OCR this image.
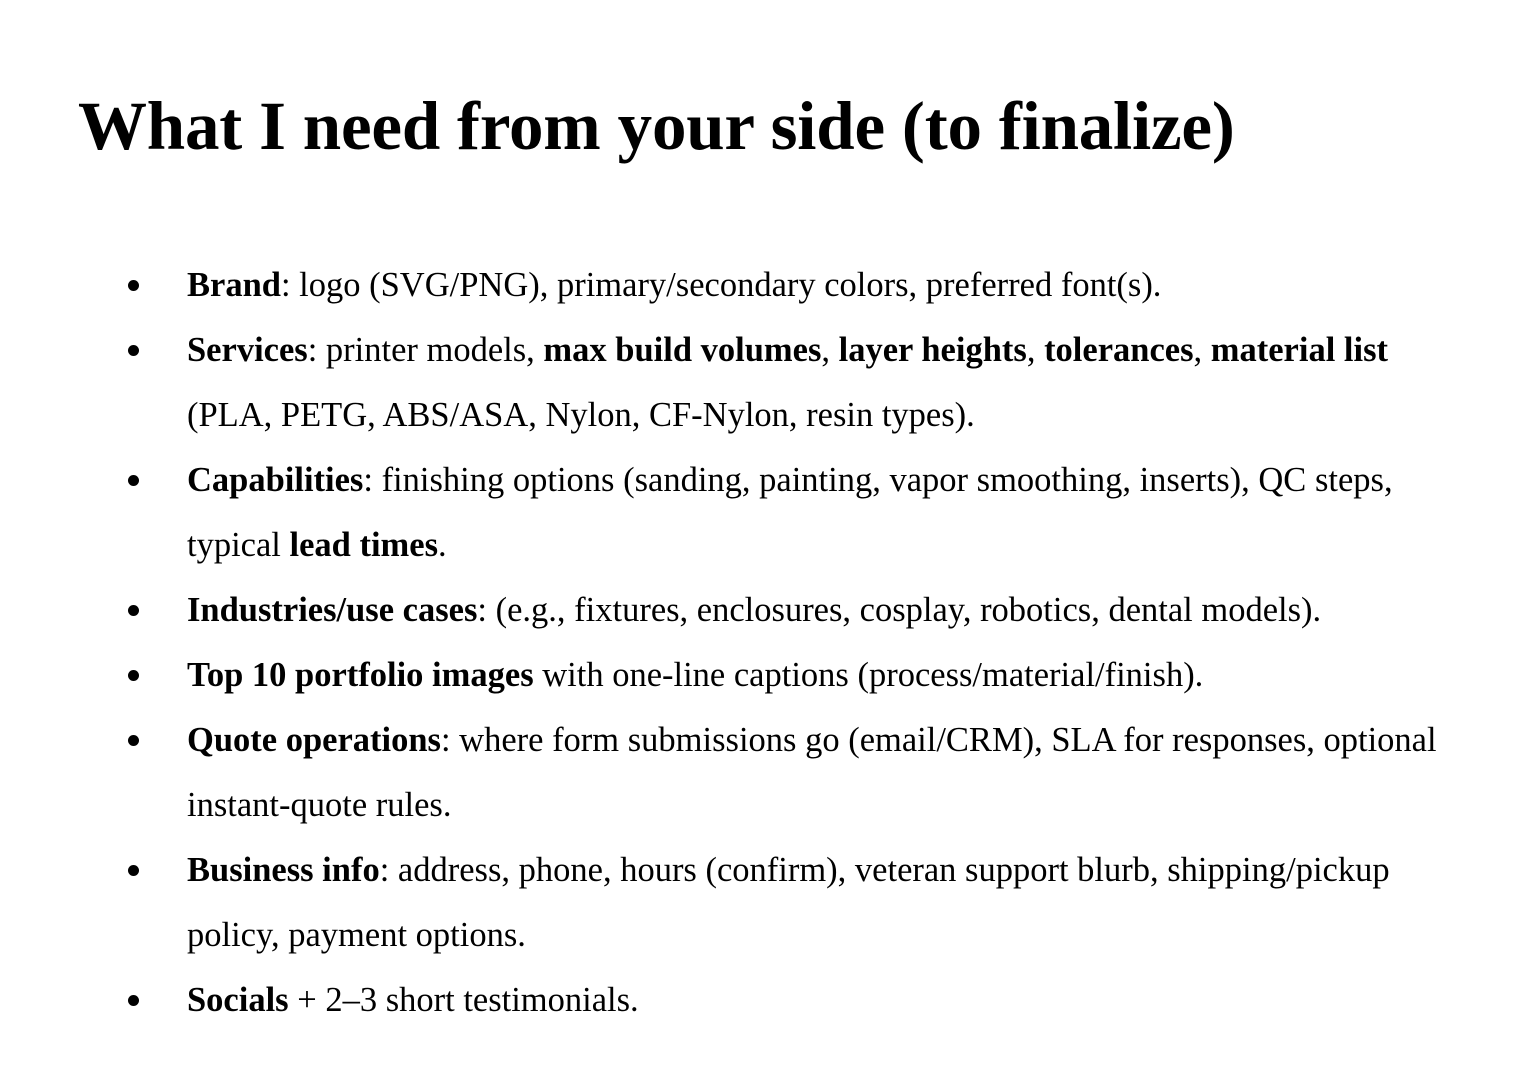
What I need from your side (to finalize)
Brand: logo (SVG/PNG), primary/secondary colors, preferred font(s).
Services: printer models, max build volumes, layer heights, tolerances, material list (PLA, PETG, ABS/ASA, Nylon, CF-Nylon, resin types).
Capabilities: finishing options (sanding, painting, vapor smoothing, inserts), QC steps, typical lead times.
Industries/use cases: (e.g., fixtures, enclosures, cosplay, robotics, dental models).
Top 10 portfolio images with one-line captions (process/material/finish).
Quote operations: where form submissions go (email/CRM), SLA for responses, optional instant-quote rules.
Business info: address, phone, hours (confirm), veteran support blurb, shipping/pickup policy, payment options.
Socials + 2–3 short testimonials.
